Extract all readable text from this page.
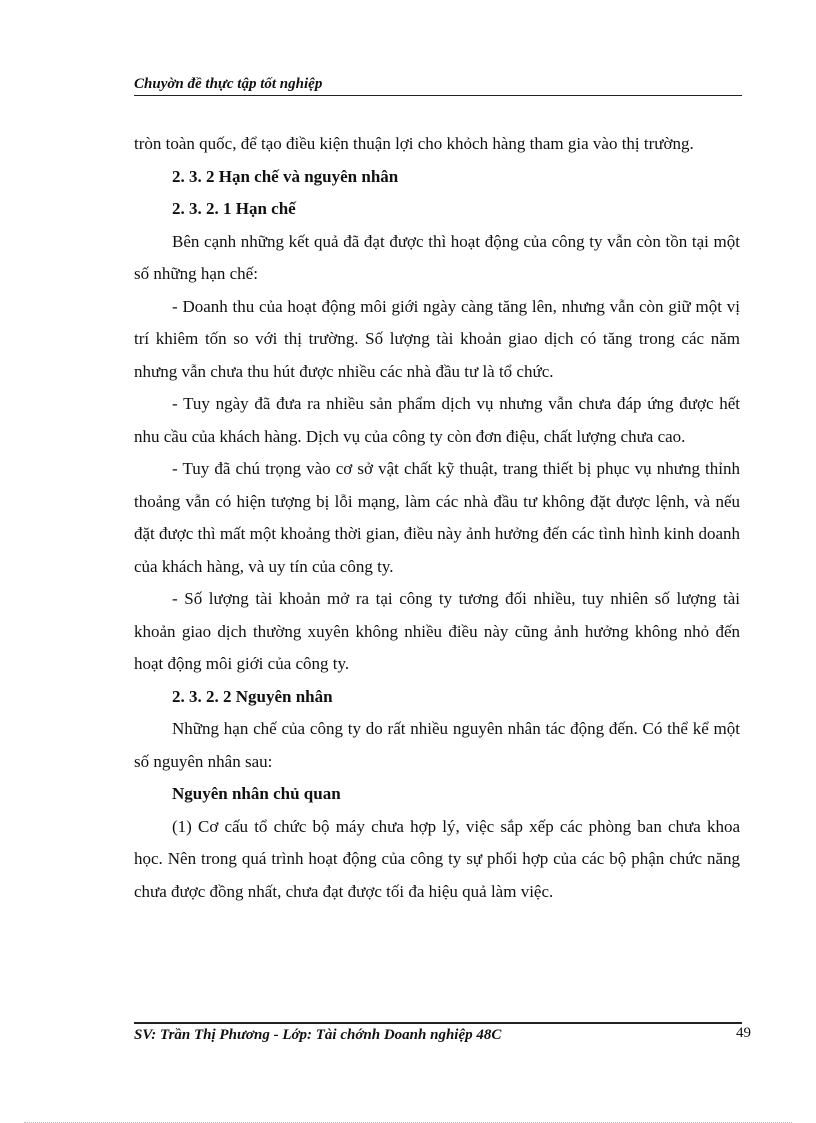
Chuyờn đề thực tập tốt nghiệp

tròn toàn quốc, để tạo điều kiện thuận lợi cho khỏch hàng tham gia vào thị trường.

2. 3. 2 Hạn chế và nguyên nhân

2. 3. 2. 1 Hạn chế

Bên cạnh những kết quả đã đạt được thì hoạt động của công ty vẫn còn tồn tại một số những hạn chế:

- Doanh thu của hoạt động môi giới ngày càng tăng lên, nhưng vẫn còn giữ một vị trí khiêm tốn so với thị trường. Số lượng tài khoản giao dịch có tăng trong các năm nhưng vẫn chưa thu hút được nhiều các nhà đầu tư là tổ chức.

- Tuy ngày đã đưa ra nhiều sản phẩm dịch vụ nhưng vẫn chưa đáp ứng được hết nhu cầu của khách hàng. Dịch vụ của công ty còn đơn điệu, chất lượng chưa cao.

- Tuy đã chú trọng vào cơ sở vật chất kỹ thuật, trang thiết bị phục vụ nhưng thỉnh thoảng vẫn có hiện tượng bị lỗi mạng, làm các nhà đầu tư không đặt được lệnh, và nếu đặt được thì mất một khoảng thời gian, điều này ảnh hưởng đến các tình hình kinh doanh của khách hàng, và uy tín của công ty.

- Số lượng tài khoản mở ra tại công ty tương đối nhiều, tuy nhiên số lượng tài khoản giao dịch thường xuyên không nhiều điều này cũng ảnh hưởng không nhỏ đến hoạt động môi giới của công ty.

2. 3. 2. 2 Nguyên nhân

Những hạn chế của công ty do rất nhiều nguyên nhân tác động đến. Có thể kể một số nguyên nhân sau:

Nguyên nhân chủ quan

(1) Cơ cấu tổ chức bộ máy chưa hợp lý, việc sắp xếp các phòng ban chưa khoa học. Nên trong quá trình hoạt động của công ty sự phối hợp của các bộ phận chức năng chưa được đồng nhất, chưa đạt được tối đa hiệu quả làm việc.

SV: Trần Thị Phương - Lớp: Tài chớnh Doanh nghiệp 48C	49
